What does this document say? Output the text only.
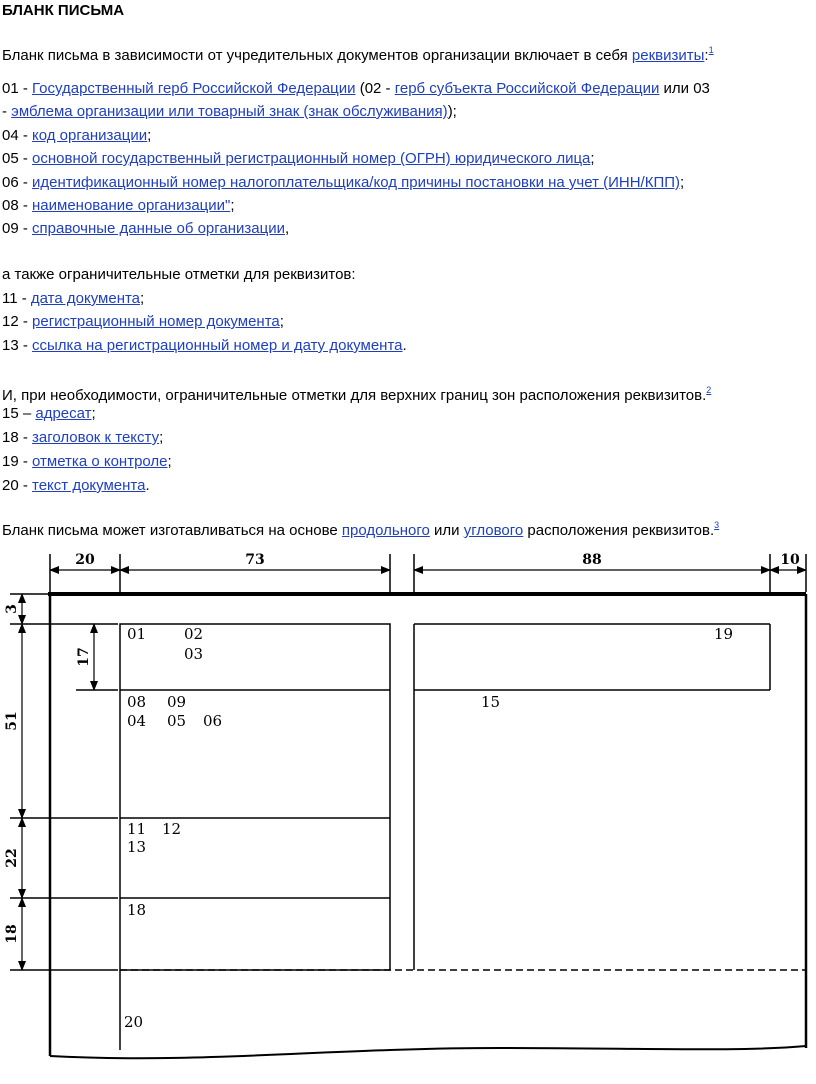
БЛАНК ПИСЬМА
Бланк письма в зависимости от учредительных документов организации включает в себя реквизиты:$^1$
01 - Государственный герб Российской Федерации (02 - герб субъекта Российской Федерации или 03
- эмблема организации или товарный знак (знак обслуживания));
04 - код организации;
05 - основной государственный регистрационный номер (ОГРН) юридического лица;
06 - идентификационный номер налогоплательщика/код причины постановки на учет (ИНН/КПП);
08 - наименование организации";
09 - справочные данные об организации,
а также ограничительные отметки для реквизитов:
11 - дата документа;
12 - регистрационный номер документа;
13 - ссылка на регистрационный номер и дату документа.
И, при необходимости, ограничительные отметки для верхних границ зон расположения реквизитов.$^2$
15 – адресат;
18 - заголовок к тексту;
19 - отметка о контроле;
20 - текст документа.
Бланк письма может изготавливаться на основе продольного или углового расположения реквизитов.$^3$
20	73	88	10
3
17
51
22
18
01	02
03
19
08 09
04 05 06
15
11 12
13
18
20
